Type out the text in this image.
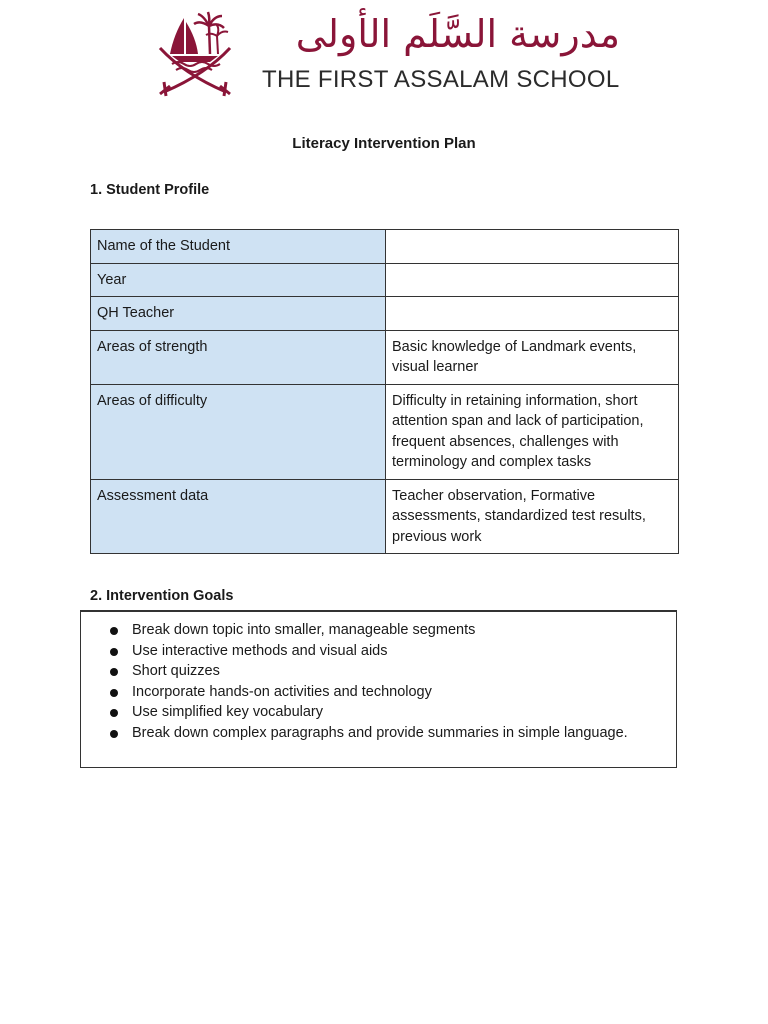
مدرسة السَّلَم الأولى
THE FIRST ASSALAM SCHOOL
Literacy Intervention Plan
1. Student Profile
Name of the Student	
Year	
QH Teacher	
Areas of strength	Basic knowledge of Landmark events, visual learner
Areas of difficulty	Difficulty in retaining information, short attention span and lack of participation, frequent absences, challenges with terminology and complex tasks
Assessment data	Teacher observation, Formative assessments, standardized test results, previous work
2. Intervention Goals
Break down topic into smaller, manageable segments
Use interactive methods and visual aids
Short quizzes
Incorporate hands-on activities and technology
Use simplified key vocabulary
Break down complex paragraphs and provide summaries in simple language.
